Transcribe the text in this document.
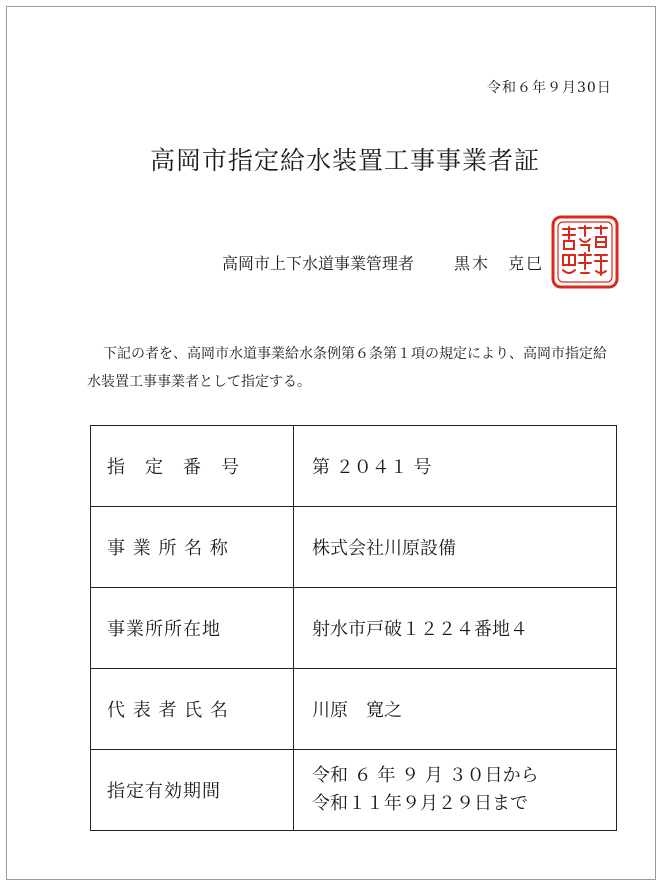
令和６年９月30日
高岡市指定給水装置工事事業者証
高岡市上下水道事業管理者	黒木　克巳

下記の者を、高岡市水道事業給水条例第６条第１項の規定により、高岡市指定給水装置工事事業者として指定する。

指　定　番　号	第 ２０４１ 号
事 業 所 名 称	株式会社川原設備
事業所所在地	射水市戸破１２２４番地４
代 表 者 氏 名	川原　寛之
指定有効期間	令和 ６ 年 ９ 月 ３０日から
令和１１年９月２９日まで
